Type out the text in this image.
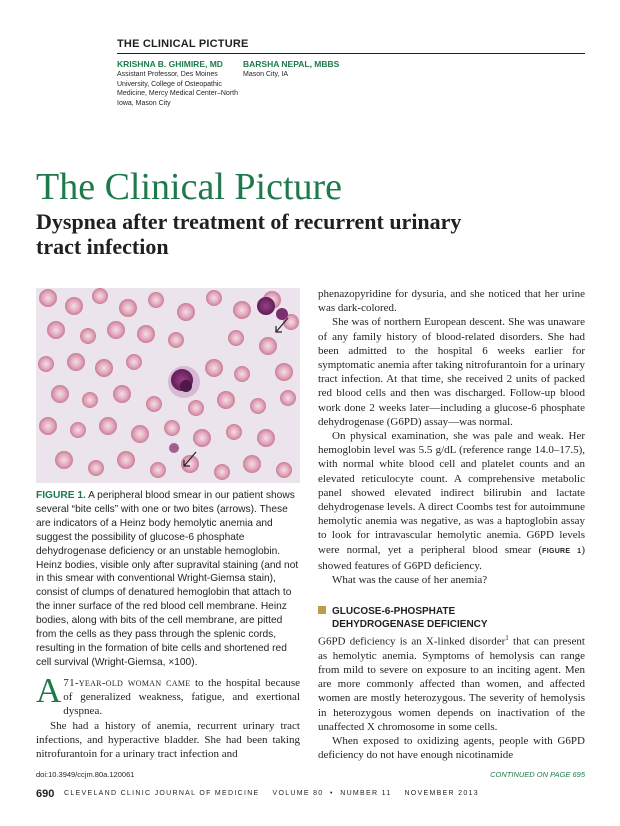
THE CLINICAL PICTURE
KRISHNA B. GHIMIRE, MD
Assistant Professor, Des Moines University, College of Osteopathic Medicine, Mercy Medical Center–North Iowa, Mason City
BARSHA NEPAL, MBBS
Mason City, IA
The Clinical Picture
Dyspnea after treatment of recurrent urinary tract infection
FIGURE 1. A peripheral blood smear in our patient shows several “bite cells” with one or two bites (arrows). These are indicators of a Heinz body hemolytic anemia and suggest the possibility of glucose-6 phosphate dehydrogenase deficiency or an unstable hemoglobin. Heinz bodies, visible only after supravital staining (and not in this smear with conventional Wright-Giemsa stain), consist of clumps of denatured hemoglobin that attach to the inner surface of the red blood cell membrane. Heinz bodies, along with bits of the cell membrane, are pitted from the cells as they pass through the splenic cords, resulting in the formation of bite cells and shortened red cell survival (Wright-Giemsa, ×100).

A 71-year-old woman came to the hospital because of generalized weakness, fatigue, and exertional dyspnea.

She had a history of anemia, recurrent urinary tract infections, and hyperactive bladder. She had been taking nitrofurantoin for a urinary tract infection and

phenazopyridine for dysuria, and she noticed that her urine was dark-colored.

She was of northern European descent. She was unaware of any family history of blood-related disorders. She had been admitted to the hospital 6 weeks earlier for symptomatic anemia after taking nitrofurantoin for a urinary tract infection. At that time, she received 2 units of packed red blood cells and then was discharged. Follow-up blood work done 2 weeks later—including a glucose-6 phosphate dehydrogenase (G6PD) assay—was normal.

On physical examination, she was pale and weak. Her hemoglobin level was 5.5 g/dL (reference range 14.0–17.5), with normal white blood cell and platelet counts and an elevated reticulocyte count. A comprehensive metabolic panel showed elevated indirect bilirubin and lactate dehydrogenase levels. A direct Coombs test for autoimmune hemolytic anemia was negative, as was a haptoglobin assay to look for intravascular hemolytic anemia. G6PD levels were normal, yet a peripheral blood smear (FIGURE 1) showed features of G6PD deficiency.

What was the cause of her anemia?

GLUCOSE-6-PHOSPHATE
DEHYDROGENASE DEFICIENCY

G6PD deficiency is an X-linked disorder$^1$ that can present as hemolytic anemia. Symptoms of hemolysis can range from mild to severe on exposure to an inciting agent. Men are more commonly affected than women, and affected women are mostly heterozygous. The severity of hemolysis in heterozygous women depends on inactivation of the unaffected X chromosome in some cells.

When exposed to oxidizing agents, people with G6PD deficiency do not have enough nicotinamide

doi:10.3949/ccjm.80a.120061	CONTINUED ON PAGE 695
690 CLEVELAND CLINIC JOURNAL OF MEDICINE    VOLUME 80  •  NUMBER 11    NOVEMBER 2013
